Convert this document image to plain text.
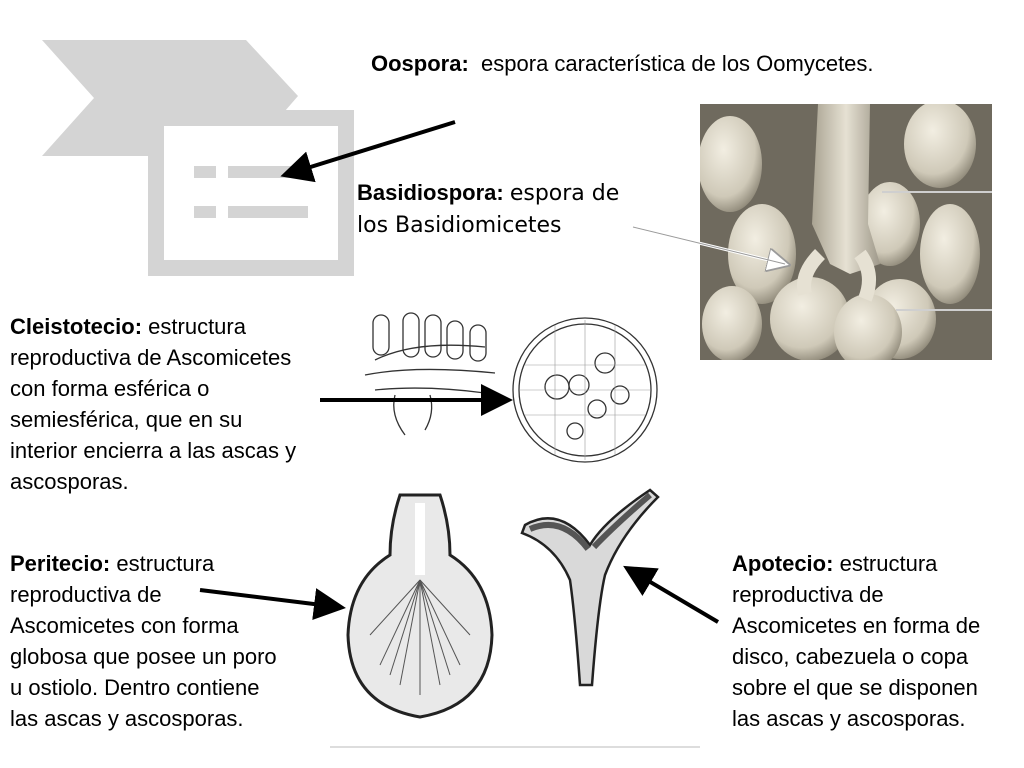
Oospora: espora característica de los Oomycetes.
Basidiospora: espora de
los Basidiomicetes
Cleistotecio: estructura reproductiva de Ascomicetes con forma esférica o semiesférica, que en su interior encierra a las ascas y ascosporas.
Peritecio: estructura reproductiva de Ascomicetes con forma globosa que posee un poro u ostiolo. Dentro contiene las ascas y ascosporas.
Apotecio: estructura reproductiva de Ascomicetes en forma de disco, cabezuela o copa sobre el que se disponen las ascas y ascosporas.
